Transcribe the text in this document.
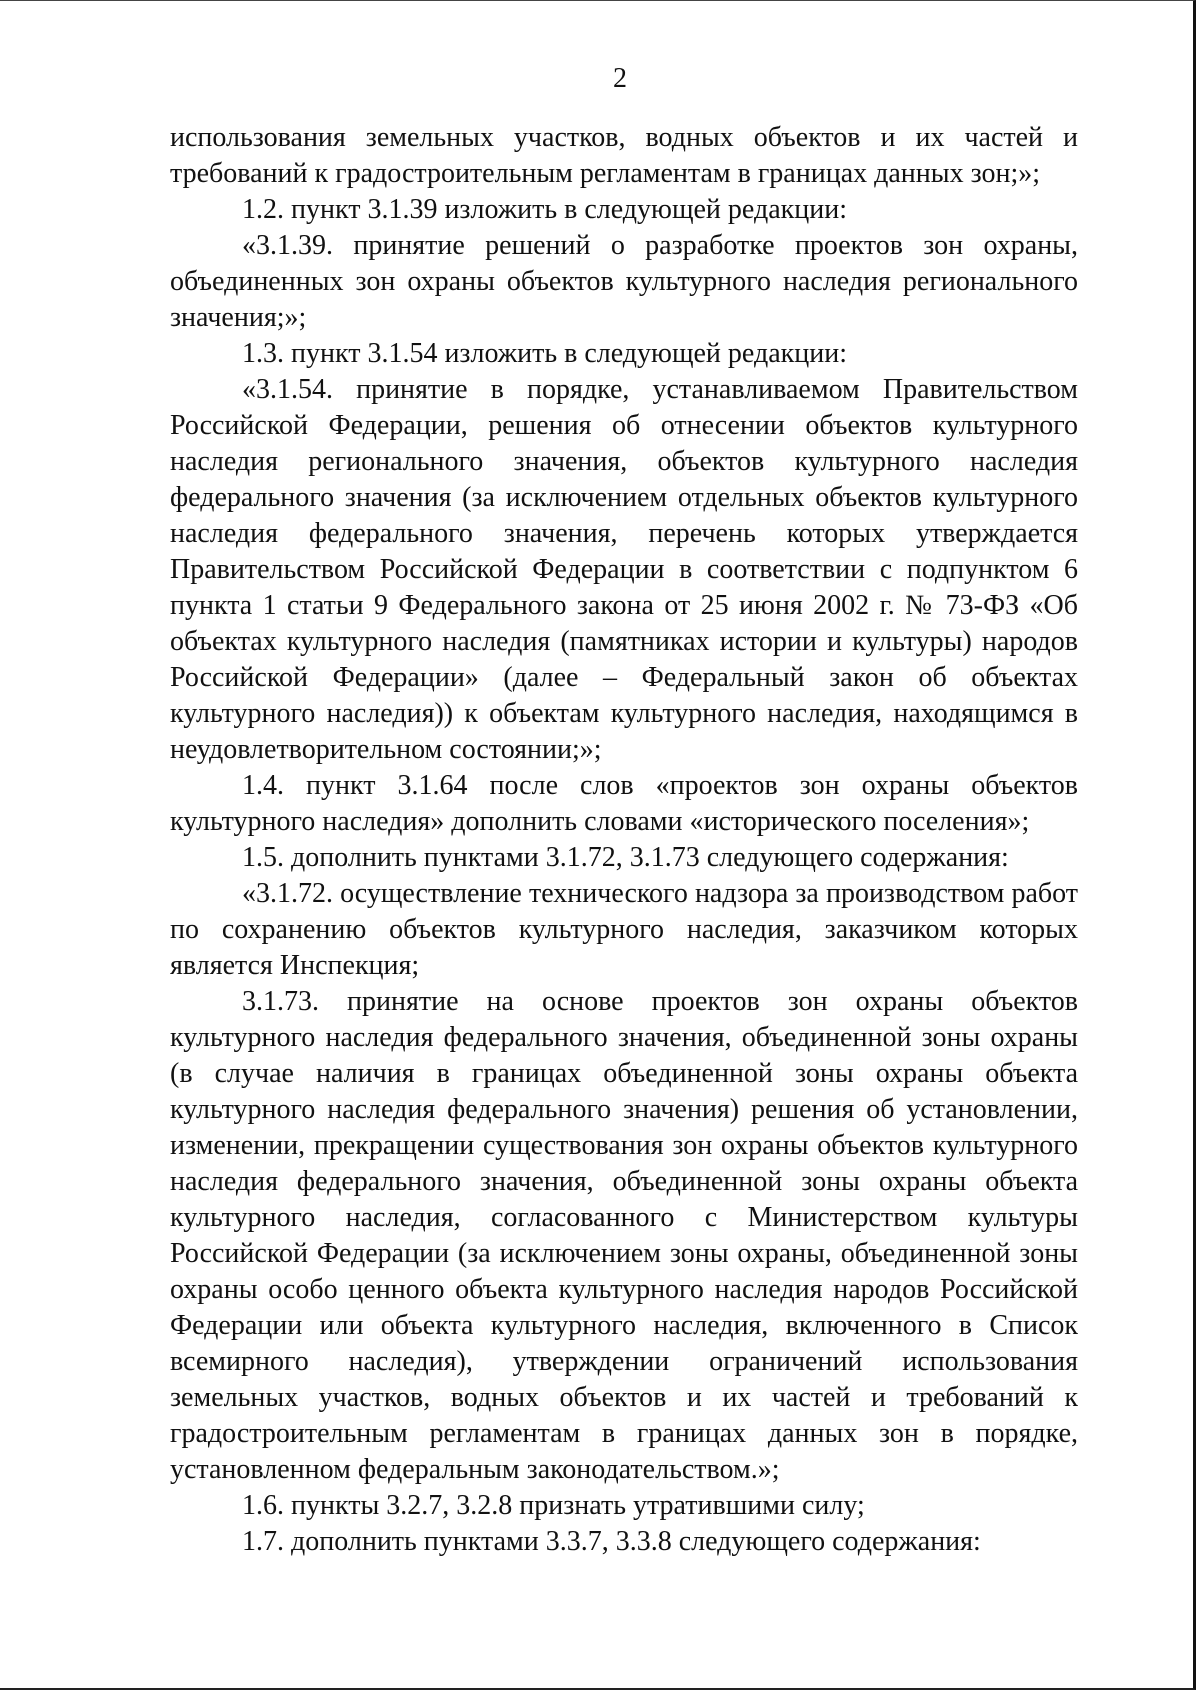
2

использования земельных участков, водных объектов и их частей и требований к градостроительным регламентам в границах данных зон;»;

1.2. пункт 3.1.39 изложить в следующей редакции:

«3.1.39. принятие решений о разработке проектов зон охраны, объединенных зон охраны объектов культурного наследия регионального значения;»;

1.3. пункт 3.1.54 изложить в следующей редакции:

«3.1.54. принятие в порядке, устанавливаемом Правительством Российской Федерации, решения об отнесении объектов культурного наследия регионального значения, объектов культурного наследия федерального значения (за исключением отдельных объектов культурного наследия федерального значения, перечень которых утверждается Правительством Российской Федерации в соответствии с подпунктом 6 пункта 1 статьи 9 Федерального закона от 25 июня 2002 г. № 73-ФЗ «Об объектах культурного наследия (памятниках истории и культуры) народов Российской Федерации» (далее – Федеральный закон об объектах культурного наследия)) к объектам культурного наследия, находящимся в неудовлетворительном состоянии;»;

1.4. пункт 3.1.64 после слов «проектов зон охраны объектов культурного наследия» дополнить словами «исторического поселения»;

1.5. дополнить пунктами 3.1.72, 3.1.73 следующего содержания:

«3.1.72. осуществление технического надзора за производством работ по сохранению объектов культурного наследия, заказчиком которых является Инспекция;

3.1.73. принятие на основе проектов зон охраны объектов культурного наследия федерального значения, объединенной зоны охраны (в случае наличия в границах объединенной зоны охраны объекта культурного наследия федерального значения) решения об установлении, изменении, прекращении существования зон охраны объектов культурного наследия федерального значения, объединенной зоны охраны объекта культурного наследия, согласованного с Министерством культуры Российской Федерации (за исключением зоны охраны, объединенной зоны охраны особо ценного объекта культурного наследия народов Российской Федерации или объекта культурного наследия, включенного в Список всемирного наследия), утверждении ограничений использования земельных участков, водных объектов и их частей и требований к градостроительным регламентам в границах данных зон в порядке, установленном федеральным законодательством.»;

1.6. пункты 3.2.7, 3.2.8 признать утратившими силу;

1.7. дополнить пунктами 3.3.7, 3.3.8 следующего содержания:
